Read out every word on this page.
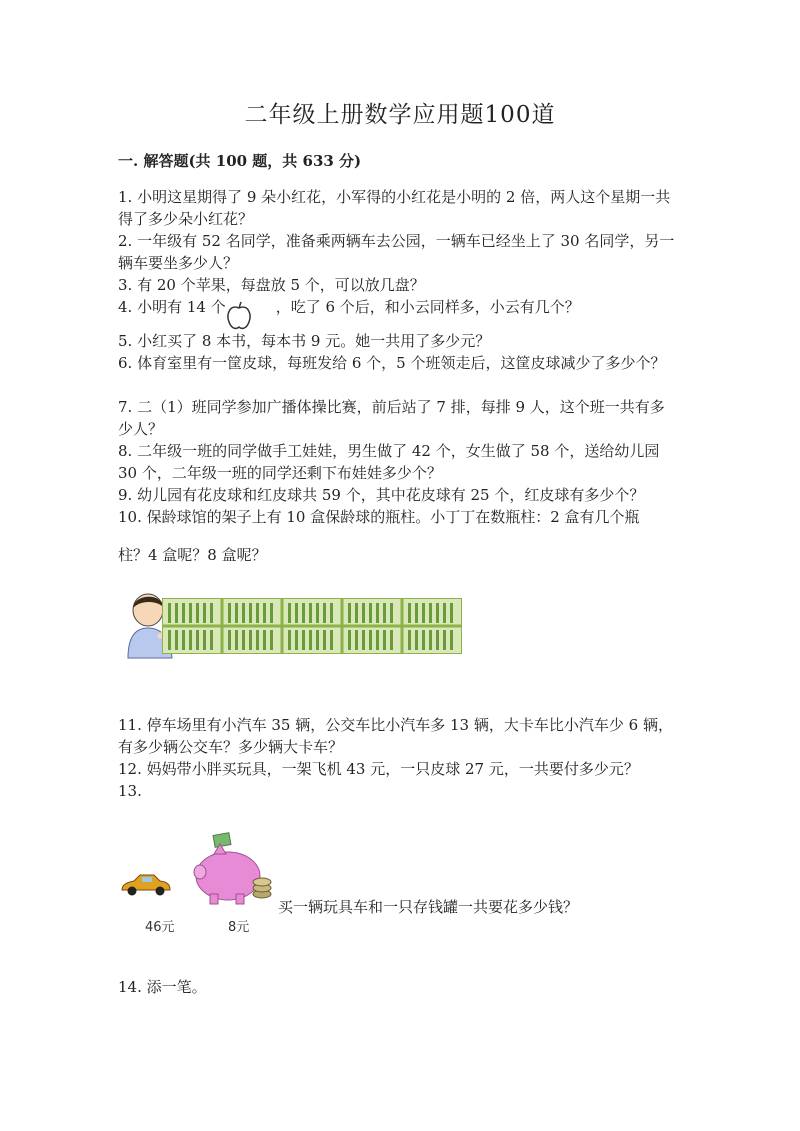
二年级上册数学应用题100道
一. 解答题(共 100 题，共 633 分)
1. 小明这星期得了 9 朵小红花，小军得的小红花是小明的 2 倍，两人这个星期一共得了多少朵小红花？
2. 一年级有 52 名同学，准备乘两辆车去公园，一辆车已经坐上了 30 名同学，另一辆车要坐多少人？
3. 有 20 个苹果，每盘放 5 个，可以放几盘？
4. 小明有 14 个	，吃了 6 个后，和小云同样多，小云有几个？
5. 小红买了 8 本书，每本书 9 元。她一共用了多少元？
6. 体育室里有一筐皮球，每班发给 6 个，5 个班领走后，这筐皮球减少了多少个？
7. 二（1）班同学参加广播体操比赛，前后站了 7 排，每排 9 人，这个班一共有多少人？
8. 二年级一班的同学做手工娃娃，男生做了 42 个，女生做了 58 个，送给幼儿园 30 个，二年级一班的同学还剩下布娃娃多少个？
9. 幼儿园有花皮球和红皮球共 59 个，其中花皮球有 25 个，红皮球有多少个？
10. 保龄球馆的架子上有 10 盒保龄球的瓶柱。小丁丁在数瓶柱：2 盒有几个瓶
柱？4 盒呢？8 盒呢？
11. 停车场里有小汽车 35 辆，公交车比小汽车多 13 辆，大卡车比小汽车少 6 辆，有多少辆公交车？多少辆大卡车？
12. 妈妈带小胖买玩具，一架飞机 43 元，一只皮球 27 元，一共要付多少元？
13.
46元	8元
买一辆玩具车和一只存钱罐一共要花多少钱？
14. 添一笔。
